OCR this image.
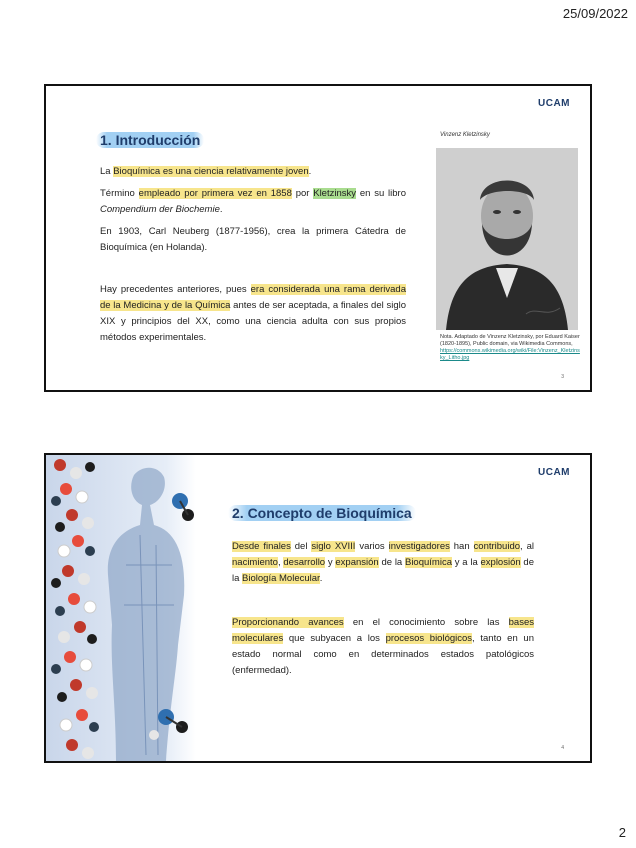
25/09/2022
UCAM
1. Introducción
La Bioquímica es una ciencia relativamente joven.
Término empleado por primera vez en 1858 por Kletzinsky en su libro Compendium der Biochemie.
En 1903, Carl Neuberg (1877-1956), crea la primera Cátedra de Bioquímica (en Holanda).
Hay precedentes anteriores, pues era considerada una rama derivada de la Medicina y de la Química antes de ser aceptada, a finales del siglo XIX y principios del XX, como una ciencia adulta con sus propios métodos experimentales.
Vinzenz Kletzinsky
Nota. Adaptado de Vinzenz Kletzinsky, por Eduard Kaiser (1820-1895), Public domain, via Wikimedia Commons,
https://commons.wikimedia.org/wiki/File:Vinzenz_Kletzinsky_Litho.jpg
3
UCAM
2. Concepto de Bioquímica
Desde finales del siglo XVIII varios investigadores han contribuido, al nacimiento, desarrollo y expansión de la Bioquímica y a la explosión de la Biología Molecular.
Proporcionando avances en el conocimiento sobre las bases moleculares que subyacen a los procesos biológicos, tanto en un estado normal como en determinados estados patológicos (enfermedad).
4
2
